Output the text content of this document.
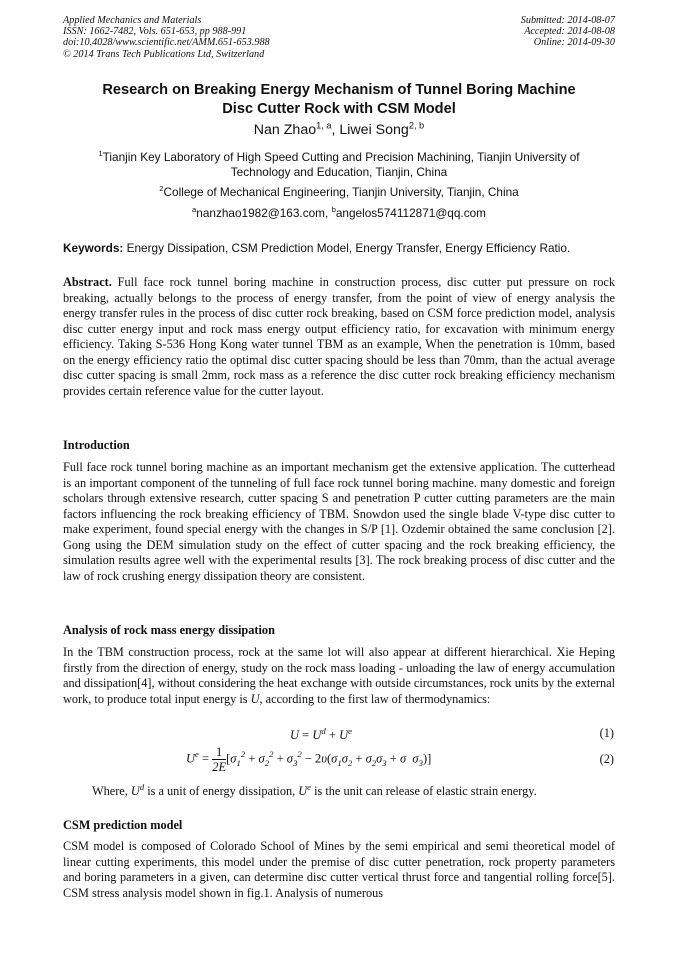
Applied Mechanics and Materials
ISSN: 1662-7482, Vols. 651-653, pp 988-991
doi:10.4028/www.scientific.net/AMM.651-653.988
© 2014 Trans Tech Publications Ltd, Switzerland
Submitted: 2014-08-07
Accepted: 2014-08-08
Online: 2014-09-30
Research on Breaking Energy Mechanism of Tunnel Boring Machine
Disc Cutter Rock with CSM Model
Nan Zhao$^{1, a}$, Liwei Song$^{2, b}$
$^1$Tianjin Key Laboratory of High Speed Cutting and Precision Machining, Tianjin University of
Technology and Education, Tianjin, China
$^2$College of Mechanical Engineering, Tianjin University, Tianjin, China
$^a$nanzhao1982@163.com, $^b$angelos574112871@qq.com
Keywords: Energy Dissipation, CSM Prediction Model, Energy Transfer, Energy Efficiency Ratio.
Abstract. Full face rock tunnel boring machine in construction process, disc cutter put pressure on rock breaking, actually belongs to the process of energy transfer, from the point of view of energy analysis the energy transfer rules in the process of disc cutter rock breaking, based on CSM force prediction model, analysis disc cutter energy input and rock mass energy output efficiency ratio, for excavation with minimum energy efficiency. Taking S-536 Hong Kong water tunnel TBM as an example, When the penetration is 10mm, based on the energy efficiency ratio the optimal disc cutter spacing should be less than 70mm, than the actual average disc cutter spacing is small 2mm, rock mass as a reference the disc cutter rock breaking efficiency mechanism provides certain reference value for the cutter layout.
Introduction
Full face rock tunnel boring machine as an important mechanism get the extensive application. The cutterhead is an important component of the tunneling of full face rock tunnel boring machine. many domestic and foreign scholars through extensive research, cutter spacing S and penetration P cutter cutting parameters are the main factors influencing the rock breaking efficiency of TBM. Snowdon used the single blade V-type disc cutter to make experiment, found special energy with the changes in S/P [1]. Ozdemir obtained the same conclusion [2]. Gong using the DEM simulation study on the effect of cutter spacing and the rock breaking efficiency, the simulation results agree well with the experimental results [3]. The rock breaking process of disc cutter and the law of rock crushing energy dissipation theory are consistent.
Analysis of rock mass energy dissipation
In the TBM construction process, rock at the same lot will also appear at different hierarchical. Xie Heping firstly from the direction of energy, study on the rock mass loading - unloading the law of energy accumulation and dissipation[4], without considering the heat exchange with outside circumstances, rock units by the external work, to produce total input energy is U, according to the first law of thermodynamics:
$U = U^d + U^e$	(1)
$U^e = \frac{1}{2E} [\sigma_1^2 + \sigma_2^2 + \sigma_3^2 - 2\upsilon(\sigma_1\sigma_2 + \sigma_2\sigma_3 + \sigma$  $\sigma_3$)]	(2)
Where, $U^d$ is a unit of energy dissipation, $U^e$ is the unit can release of elastic strain energy.
CSM prediction model
CSM model is composed of Colorado School of Mines by the semi empirical and semi theoretical model of linear cutting experiments, this model under the premise of disc cutter penetration, rock property parameters and boring parameters in a given, can determine disc cutter vertical thrust force and tangential rolling force[5]. CSM stress analysis model shown in fig.1. Analysis of numerous
